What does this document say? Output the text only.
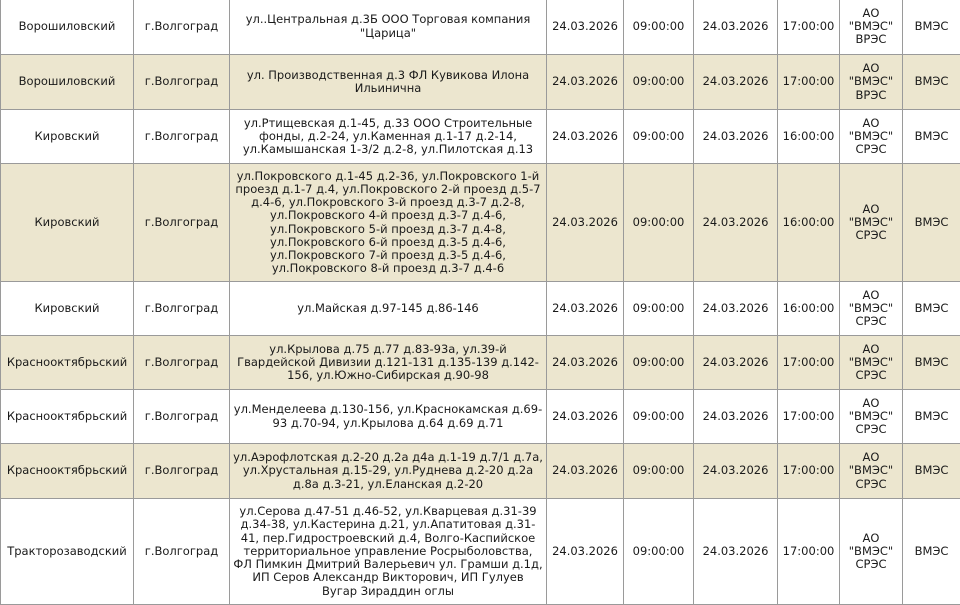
Ворошиловский	г.Волгоград	ул..Центральная д.3Б ООО Торговая компания "Царица"	24.03.2026	09:00:00	24.03.2026	17:00:00	АО "ВМЭС" ВРЭС	ВМЭС
Ворошиловский	г.Волгоград	ул. Производственная д.3 ФЛ Кувикова Илона Ильинична	24.03.2026	09:00:00	24.03.2026	17:00:00	АО "ВМЭС" ВРЭС	ВМЭС
Кировский	г.Волгоград	ул.Ртищевская д.1-45, д.33 ООО Строительные фонды, д.2-24, ул.Каменная д.1-17 д.2-14, ул.Камышанская 1-3/2 д.2-8, ул.Пилотская д.13	24.03.2026	09:00:00	24.03.2026	16:00:00	АО "ВМЭС" СРЭС	ВМЭС
Кировский	г.Волгоград	ул.Покровского д.1-45 д.2-36, ул.Покровского 1-й проезд д.1-7 д.4, ул.Покровского 2-й проезд д.5-7 д.4-6, ул.Покровского 3-й проезд д.3-7 д.2-8, ул.Покровского 4-й проезд д.3-7 д.4-6, ул.Покровского 5-й проезд д.3-7 д.4-8, ул.Покровского 6-й проезд д.3-5 д.4-6, ул.Покровского 7-й проезд д.3-5 д.4-6, ул.Покровского 8-й проезд д.3-7 д.4-6	24.03.2026	09:00:00	24.03.2026	16:00:00	АО "ВМЭС" СРЭС	ВМЭС
Кировский	г.Волгоград	ул.Майская д.97-145 д.86-146	24.03.2026	09:00:00	24.03.2026	16:00:00	АО "ВМЭС" СРЭС	ВМЭС
Краснооктябрьский	г.Волгоград	ул.Крылова д.75 д.77 д.83-93а, ул.39-й Гвардейской Дивизии д.121-131 д.135-139 д.142-156, ул.Южно-Сибирская д.90-98	24.03.2026	09:00:00	24.03.2026	17:00:00	АО "ВМЭС" СРЭС	ВМЭС
Краснооктябрьский	г.Волгоград	ул.Менделеева д.130-156, ул.Краснокамская д.69-93 д.70-94, ул.Крылова д.64 д.69 д.71	24.03.2026	09:00:00	24.03.2026	17:00:00	АО "ВМЭС" СРЭС	ВМЭС
Краснооктябрьский	г.Волгоград	ул.Аэрофлотская д.2-20 д.2а д4а д.1-19 д.7/1 д.7а, ул.Хрустальная д.15-29, ул.Руднева д.2-20 д.2а д.8а д.3-21, ул.Еланская д.2-20	24.03.2026	09:00:00	24.03.2026	17:00:00	АО "ВМЭС" СРЭС	ВМЭС
Тракторозаводский	г.Волгоград	ул.Серова д.47-51 д.46-52, ул.Кварцевая д.31-39 д.34-38, ул.Кастерина д.21, ул.Апатитовая д.31-41, пер.Гидростроевский д.4, Волго-Каспийское территориальное управление Росрыболовства, ФЛ Пимкин Дмитрий Валерьевич ул. Грамши д.1д, ИП Серов Александр Викторович, ИП Гулуев Вугар Зираддин оглы	24.03.2026	09:00:00	24.03.2026	17:00:00	АО "ВМЭС" СРЭС	ВМЭС
